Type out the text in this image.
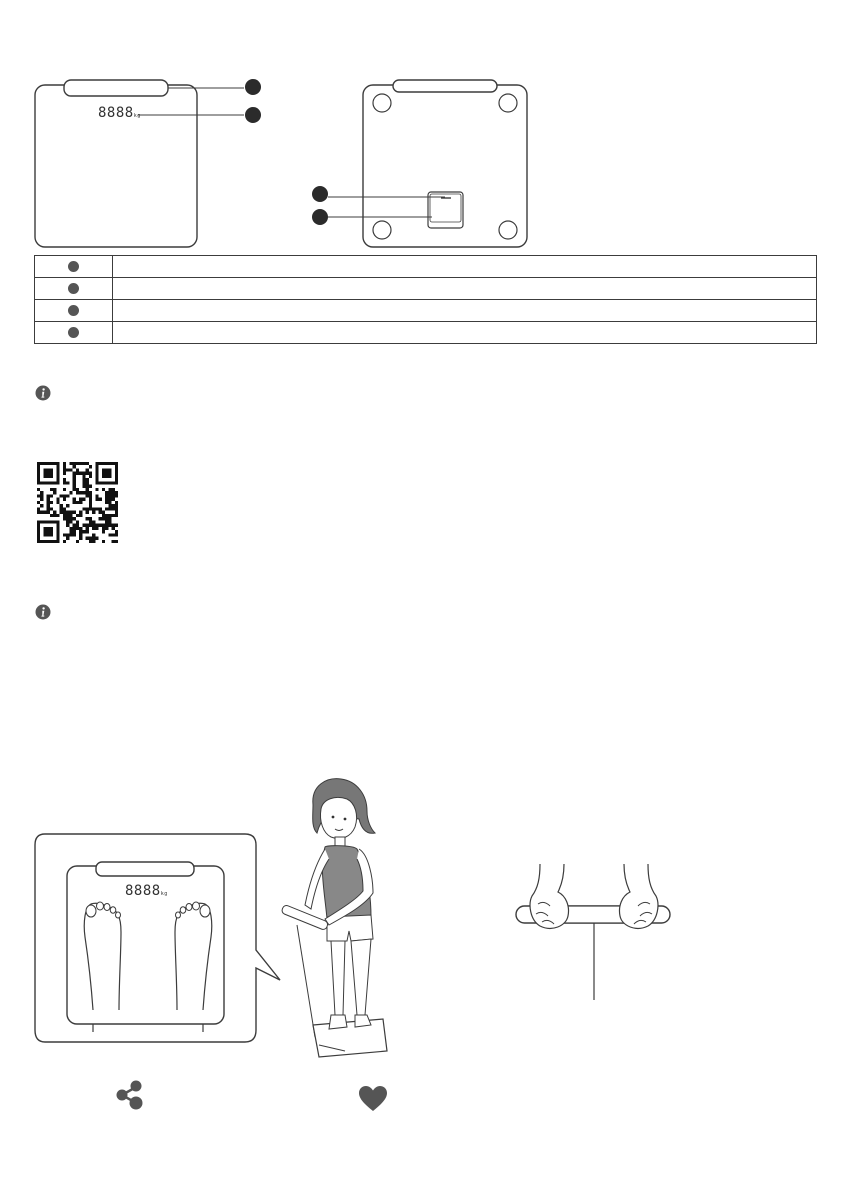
8888kg

8888kg
